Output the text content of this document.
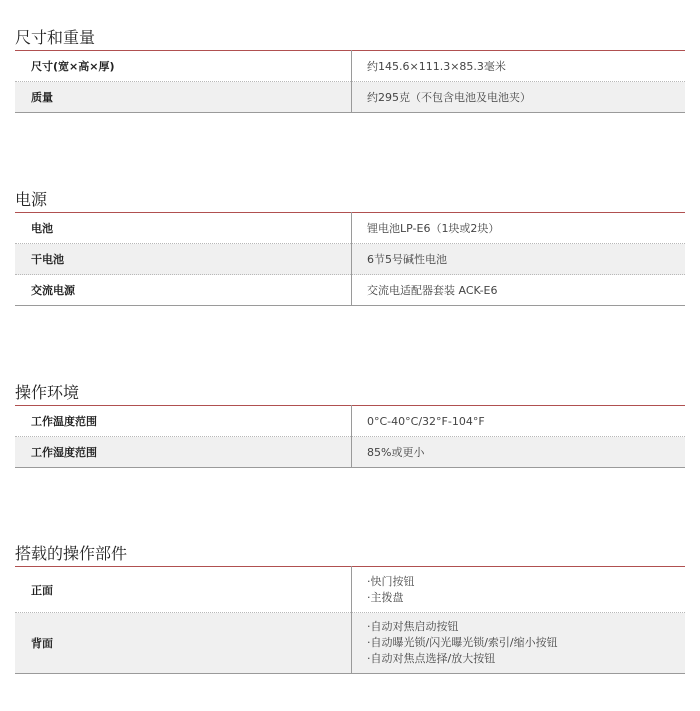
尺寸和重量
尺寸(宽×高×厚)	约145.6×111.3×85.3毫米
质量	约295克（不包含电池及电池夹）
电源
电池	锂电池LP-E6（1块或2块）
干电池	6节5号碱性电池
交流电源	交流电适配器套装 ACK-E6
操作环境
工作温度范围	0°C-40°C/32°F-104°F
工作湿度范围	85%或更小
搭载的操作部件
正面	·快门按钮
·主拨盘

背面	·自动对焦启动按钮
·自动曝光锁/闪光曝光锁/索引/缩小按钮
·自动对焦点选择/放大按钮
